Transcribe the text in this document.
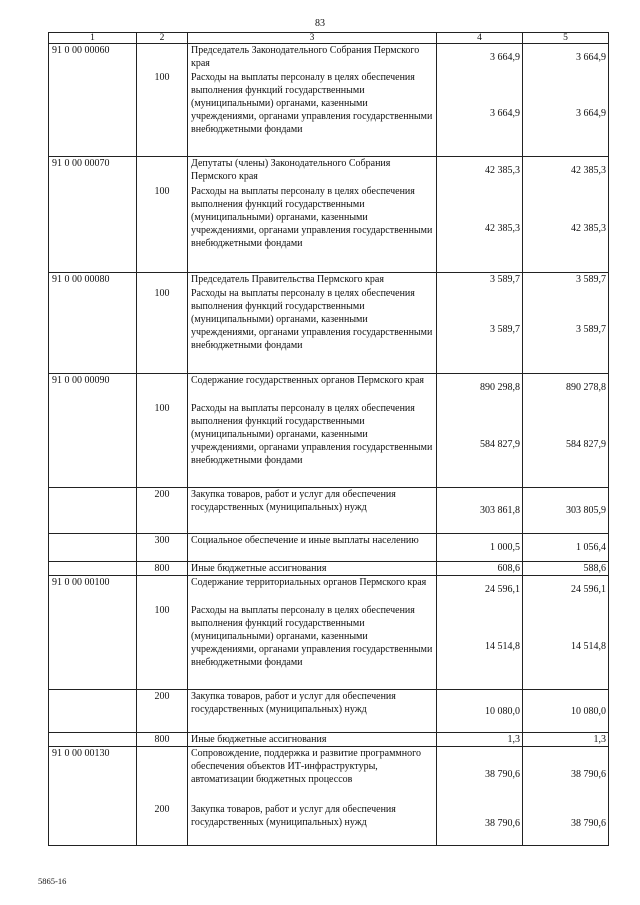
83
1	2	3	4	5
91 0 00 00060		Председатель Законодательного Собрания Пермского края	3 664,9	3 664,9
	100	Расходы на выплаты персоналу в целях обеспечения выполнения функций государственными (муниципальными) органами, казенными учреждениями, органами управления государственными внебюджетными фондами	3 664,9	3 664,9
91 0 00 00070		Депутаты (члены) Законодательного Собрания Пермского края	42 385,3	42 385,3
	100	Расходы на выплаты персоналу в целях обеспечения выполнения функций государственными (муниципальными) органами, казенными учреждениями, органами управления государственными внебюджетными фондами	42 385,3	42 385,3
91 0 00 00080		Председатель Правительства Пермского края	3 589,7	3 589,7
	100	Расходы на выплаты персоналу в целях обеспечения выполнения функций государственными (муниципальными) органами, казенными учреждениями, органами управления государственными внебюджетными фондами	3 589,7	3 589,7
91 0 00 00090		Содержание государственных органов Пермского края	890 298,8	890 278,8
	100	Расходы на выплаты персоналу в целях обеспечения выполнения функций государственными (муниципальными) органами, казенными учреждениями, органами управления государственными внебюджетными фондами	584 827,9	584 827,9
	200	Закупка товаров, работ и услуг для обеспечения государственных (муниципальных) нужд	303 861,8	303 805,9
	300	Социальное обеспечение и иные выплаты населению	1 000,5	1 056,4
	800	Иные бюджетные ассигнования	608,6	588,6
91 0 00 00100		Содержание территориальных органов Пермского края	24 596,1	24 596,1
	100	Расходы на выплаты персоналу в целях обеспечения выполнения функций государственными (муниципальными) органами, казенными учреждениями, органами управления государственными внебюджетными фондами	14 514,8	14 514,8
	200	Закупка товаров, работ и услуг для обеспечения государственных (муниципальных) нужд	10 080,0	10 080,0
	800	Иные бюджетные ассигнования	1,3	1,3
91 0 00 00130		Сопровождение, поддержка и развитие программного обеспечения объектов ИТ-инфраструктуры, автоматизации бюджетных процессов	38 790,6	38 790,6
	200	Закупка товаров, работ и услуг для обеспечения государственных (муниципальных) нужд	38 790,6	38 790,6
5865-16
